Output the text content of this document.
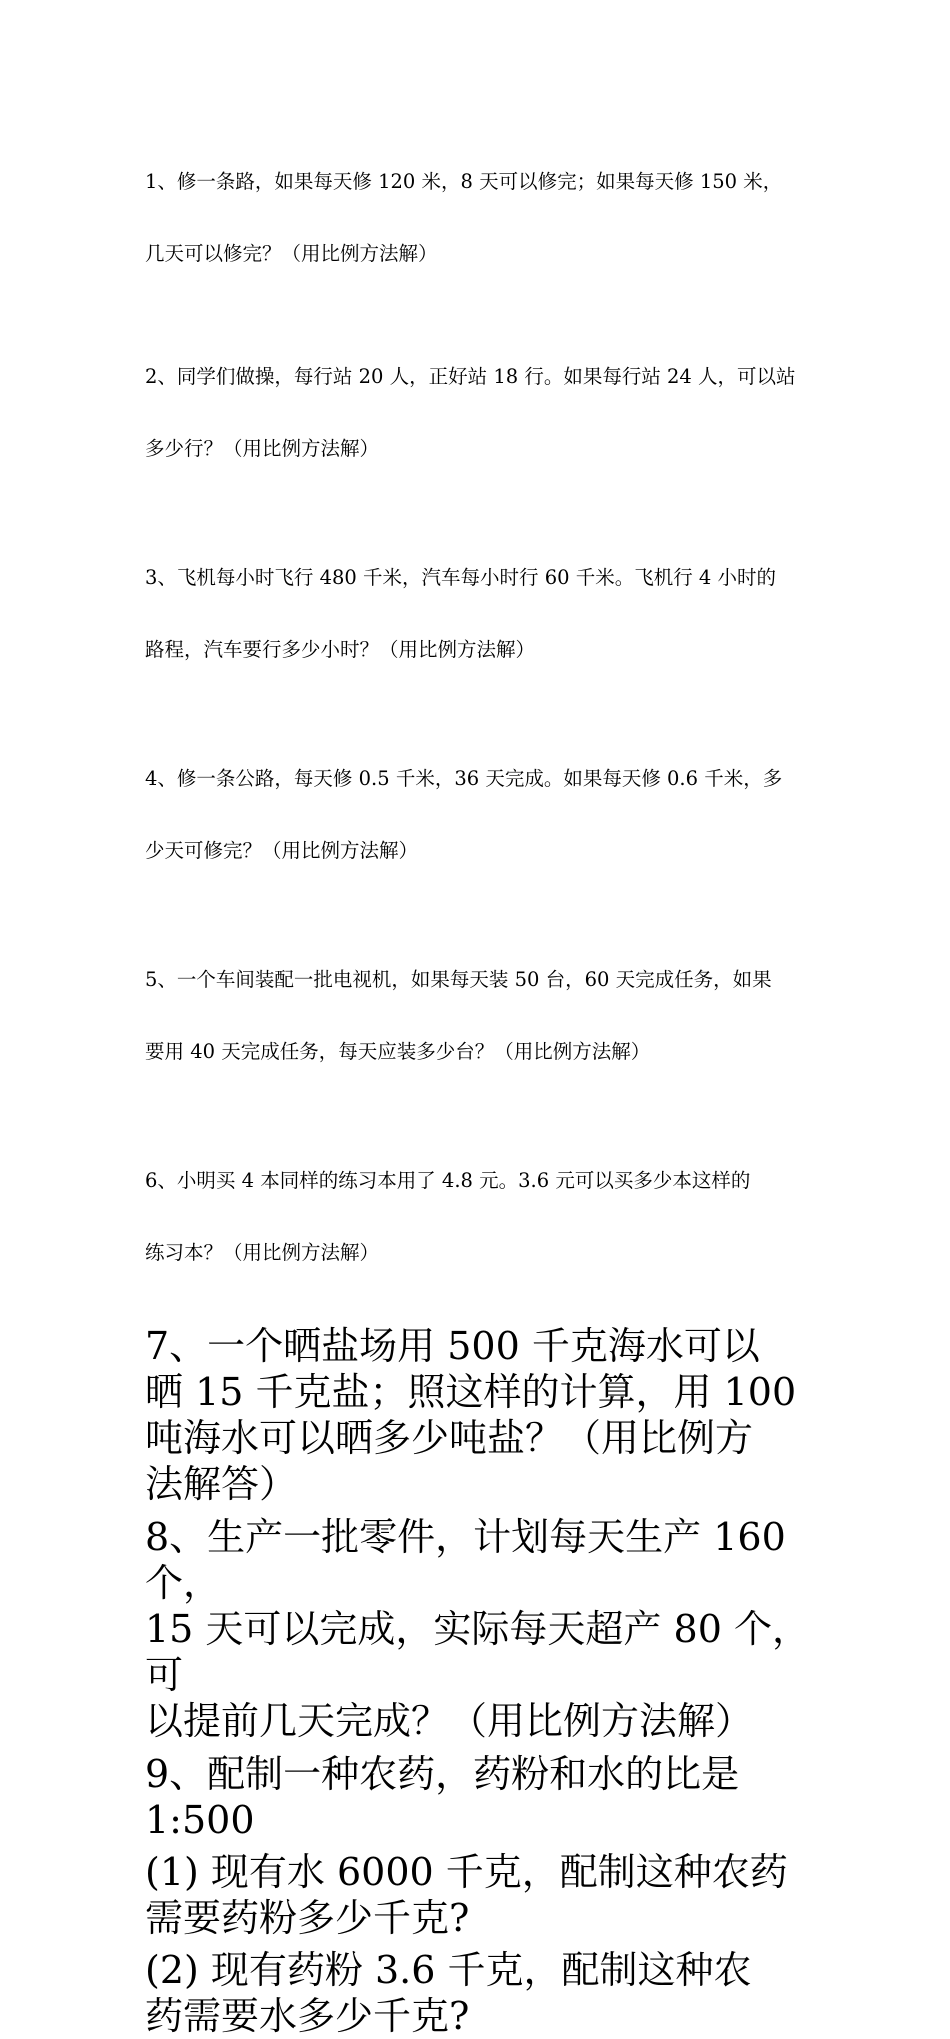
1、修一条路，如果每天修 120 米，8 天可以修完；如果每天修 150 米，

几天可以修完？（用比例方法解）

2、同学们做操，每行站 20 人，正好站 18 行。如果每行站 24 人，可以站

多少行？（用比例方法解）

3、飞机每小时飞行 480 千米，汽车每小时行 60 千米。飞机行 4 小时的

路程，汽车要行多少小时？（用比例方法解）

4、修一条公路，每天修 0.5 千米，36 天完成。如果每天修 0.6 千米，多

少天可修完？（用比例方法解）

5、一个车间装配一批电视机，如果每天装 50 台，60 天完成任务，如果

要用 40 天完成任务，每天应装多少台？（用比例方法解）

6、小明买 4 本同样的练习本用了 4.8 元。3.6 元可以买多少本这样的

练习本？（用比例方法解）

7、一个晒盐场用 500 千克海水可以
晒 15 千克盐；照这样的计算，用 100
吨海水可以晒多少吨盐？（用比例方
法解答）
8、生产一批零件，计划每天生产 160 个，
15 天可以完成，实际每天超产 80 个，可
以提前几天完成？（用比例方法解）
9、配制一种农药，药粉和水的比是
1:500
(1) 现有水 6000 千克，配制这种农药
需要药粉多少千克?
(2) 现有药粉 3.6 千克，配制这种农
药需要水多少千克?
